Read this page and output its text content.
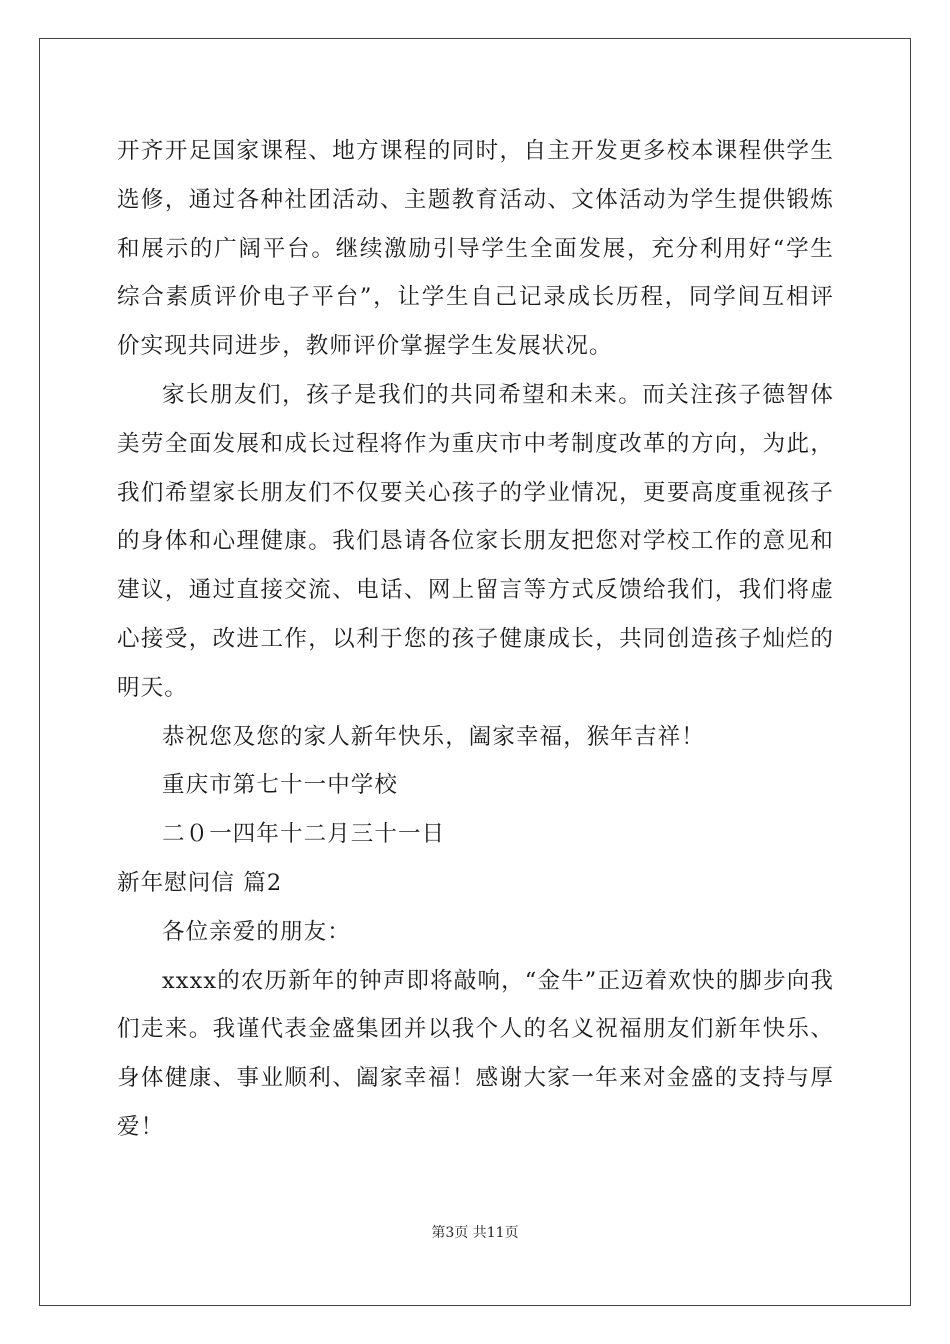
开齐开足国家课程、地方课程的同时，自主开发更多校本课程供学生选修，通过各种社团活动、主题教育活动、文体活动为学生提供锻炼和展示的广阔平台。继续激励引导学生全面发展，充分利用好“学生综合素质评价电子平台”，让学生自己记录成长历程，同学间互相评价实现共同进步，教师评价掌握学生发展状况。

家长朋友们，孩子是我们的共同希望和未来。而关注孩子德智体美劳全面发展和成长过程将作为重庆市中考制度改革的方向，为此，我们希望家长朋友们不仅要关心孩子的学业情况，更要高度重视孩子的身体和心理健康。我们恳请各位家长朋友把您对学校工作的意见和建议，通过直接交流、电话、网上留言等方式反馈给我们，我们将虚心接受，改进工作，以利于您的孩子健康成长，共同创造孩子灿烂的明天。

恭祝您及您的家人新年快乐，阖家幸福，猴年吉祥！

重庆市第七十一中学校

二０一四年十二月三十一日

新年慰问信 篇2

各位亲爱的朋友：

xxxx的农历新年的钟声即将敲响，“金牛”正迈着欢快的脚步向我们走来。我谨代表金盛集团并以我个人的名义祝福朋友们新年快乐、身体健康、事业顺利、阖家幸福！感谢大家一年来对金盛的支持与厚爱！

第3页 共11页
